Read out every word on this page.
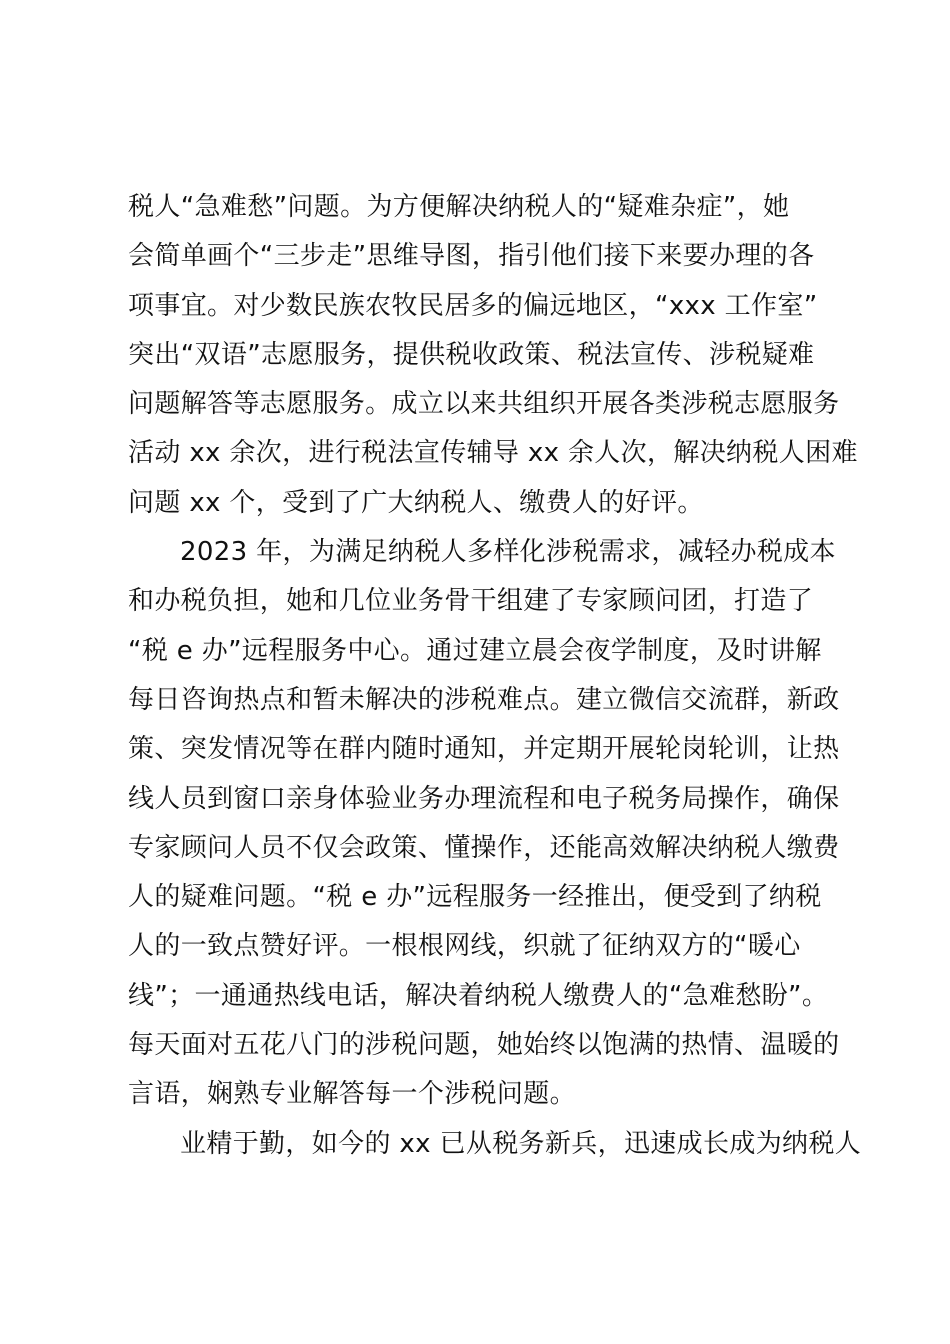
税人“急难愁”问题。为方便解决纳税人的“疑难杂症”，她
会简单画个“三步走”思维导图，指引他们接下来要办理的各
项事宜。对少数民族农牧民居多的偏远地区，“xxx 工作室”
突出“双语”志愿服务，提供税收政策、税法宣传、涉税疑难
问题解答等志愿服务。成立以来共组织开展各类涉税志愿服务
活动 xx 余次，进行税法宣传辅导 xx 余人次，解决纳税人困难
问题 xx 个，受到了广大纳税人、缴费人的好评。
2023 年，为满足纳税人多样化涉税需求，减轻办税成本
和办税负担，她和几位业务骨干组建了专家顾问团，打造了
“税 e 办”远程服务中心。通过建立晨会夜学制度，及时讲解
每日咨询热点和暂未解决的涉税难点。建立微信交流群，新政
策、突发情况等在群内随时通知，并定期开展轮岗轮训，让热
线人员到窗口亲身体验业务办理流程和电子税务局操作，确保
专家顾问人员不仅会政策、懂操作，还能高效解决纳税人缴费
人的疑难问题。“税 e 办”远程服务一经推出，便受到了纳税
人的一致点赞好评。一根根网线，织就了征纳双方的“暖心
线”；一通通热线电话，解决着纳税人缴费人的“急难愁盼”。
每天面对五花八门的涉税问题，她始终以饱满的热情、温暖的
言语，娴熟专业解答每一个涉税问题。
业精于勤，如今的 xx 已从税务新兵，迅速成长成为纳税人
